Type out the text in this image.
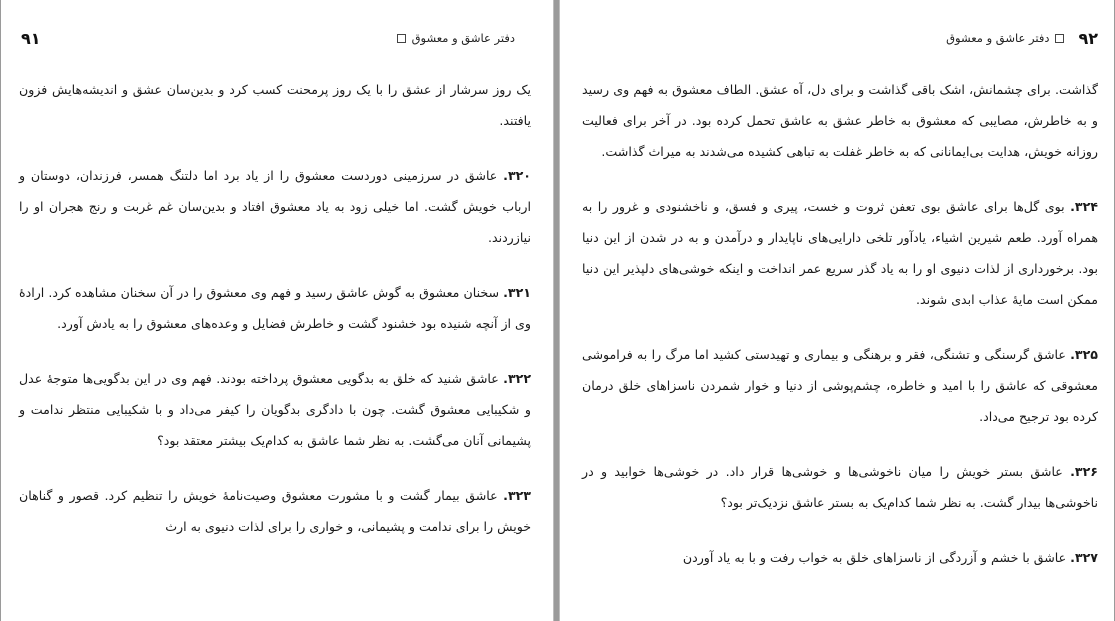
دفتر عاشق و معشوق
۹۱

یک روز سرشار از عشق را با یک روز پرمحنت کسب کرد و بدین‌سان عشق و اندیشه‌هایش فزون یافتند.

۳۲۰. عاشق در سرزمینی دوردست معشوق را از یاد برد اما دلتنگ همسر، فرزندان، دوستان و ارباب خویش گشت. اما خیلی زود به یاد معشوق افتاد و بدین‌سان غم غربت و رنج هجران او را نیازردند.

۳۲۱. سخنان معشوق به گوش عاشق رسید و فهم وی معشوق را در آن سخنان مشاهده کرد. ارادهٔ وی از آنچه شنیده بود خشنود گشت و خاطرش فضایل و وعده‌های معشوق را به یادش آورد.

۳۲۲. عاشق شنید که خلق به بدگویی معشوق پرداخته بودند. فهم وی در این بدگویی‌ها متوجهٔ عدل و شکیبایی معشوق گشت. چون با دادگری بدگویان را کیفر می‌داد و با شکیبایی منتظر ندامت و پشیمانی آنان می‌گشت. به نظر شما عاشق به کدام‌یک بیشتر معتقد بود؟

۳۲۳. عاشق بیمار گشت و با مشورت معشوق وصیت‌نامهٔ خویش را تنظیم کرد. قصور و گناهان خویش را برای ندامت و پشیمانی، و خواری را برای لذات دنیوی به ارث

۹۲
دفتر عاشق و معشوق

گذاشت. برای چشمانش، اشک باقی گذاشت و برای دل، آه عشق. الطاف معشوق به فهم وی رسید و به خاطرش، مصایبی که معشوق به خاطر عشق به عاشق تحمل کرده بود. در آخر برای فعالیت روزانه خویش، هدایت بی‌ایمانانی که به خاطر غفلت به تباهی کشیده می‌شدند به میراث گذاشت.

۳۲۴. بوی گل‌ها برای عاشق بوی تعفن ثروت و خست، پیری و فسق، و ناخشنودی و غرور را به همراه آورد. طعم شیرین اشیاء، یادآور تلخی دارایی‌های ناپایدار و درآمدن و به در شدن از این دنیا بود. برخورداری از لذات دنیوی او را به یاد گذر سریع عمر انداخت و اینکه خوشی‌های دلپذیر این دنیا ممکن است مایهٔ عذاب ابدی شوند.

۳۲۵. عاشق گرسنگی و تشنگی، فقر و برهنگی و بیماری و تهیدستی کشید اما مرگ را به فراموشی معشوقی که عاشق را با امید و خاطره، چشم‌پوشی از دنیا و خوار شمردن ناسزاهای خلق درمان کرده بود ترجیح می‌داد.

۳۲۶. عاشق بستر خویش را میان ناخوشی‌ها و خوشی‌ها قرار داد. در خوشی‌ها خوابید و در ناخوشی‌ها بیدار گشت. به نظر شما کدام‌یک به بستر عاشق نزدیک‌تر بود؟

۳۲۷. عاشق با خشم و آزردگی از ناسزاهای خلق به خواب رفت و با به یاد آوردن
